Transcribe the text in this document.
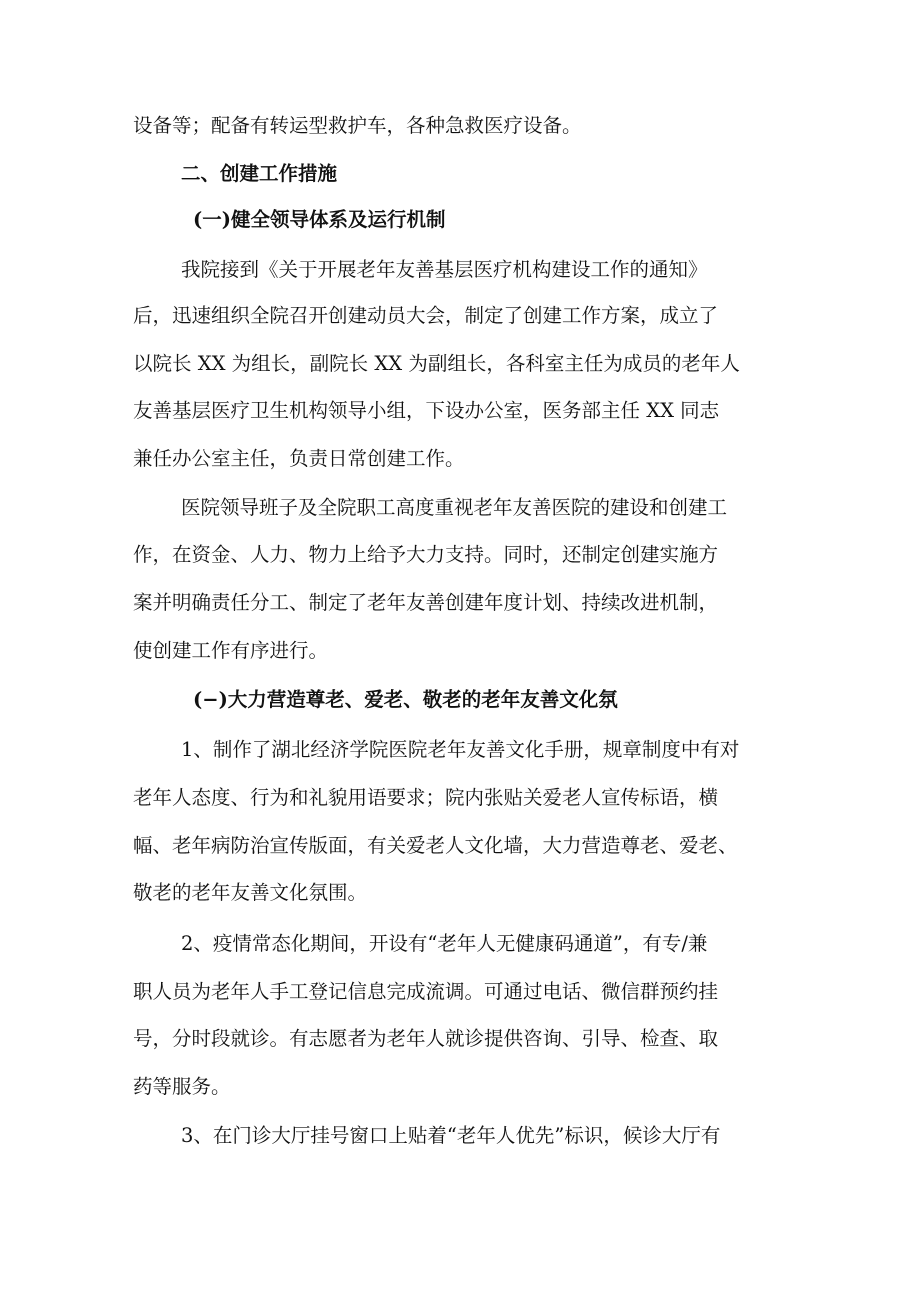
设备等；配备有转运型救护车，各种急救医疗设备。
二、创建工作措施
(一)健全领导体系及运行机制
我院接到《关于开展老年友善基层医疗机构建设工作的通知》
后，迅速组织全院召开创建动员大会，制定了创建工作方案，成立了
以院长 XX 为组长，副院长 XX 为副组长，各科室主任为成员的老年人
友善基层医疗卫生机构领导小组，下设办公室，医务部主任 XX 同志
兼任办公室主任，负责日常创建工作。
医院领导班子及全院职工高度重视老年友善医院的建设和创建工
作，在资金、人力、物力上给予大力支持。同时，还制定创建实施方
案并明确责任分工、制定了老年友善创建年度计划、持续改进机制，
使创建工作有序进行。
(−)大力营造尊老、爱老、敬老的老年友善文化氛
1、制作了湖北经济学院医院老年友善文化手册，规章制度中有对
老年人态度、行为和礼貌用语要求；院内张贴关爱老人宣传标语，横
幅、老年病防治宣传版面，有关爱老人文化墙，大力营造尊老、爱老、
敬老的老年友善文化氛围。
2、疫情常态化期间，开设有“老年人无健康码通道”，有专/兼
职人员为老年人手工登记信息完成流调。可通过电话、微信群预约挂
号，分时段就诊。有志愿者为老年人就诊提供咨询、引导、检查、取
药等服务。
3、在门诊大厅挂号窗口上贴着“老年人优先”标识，候诊大厅有
